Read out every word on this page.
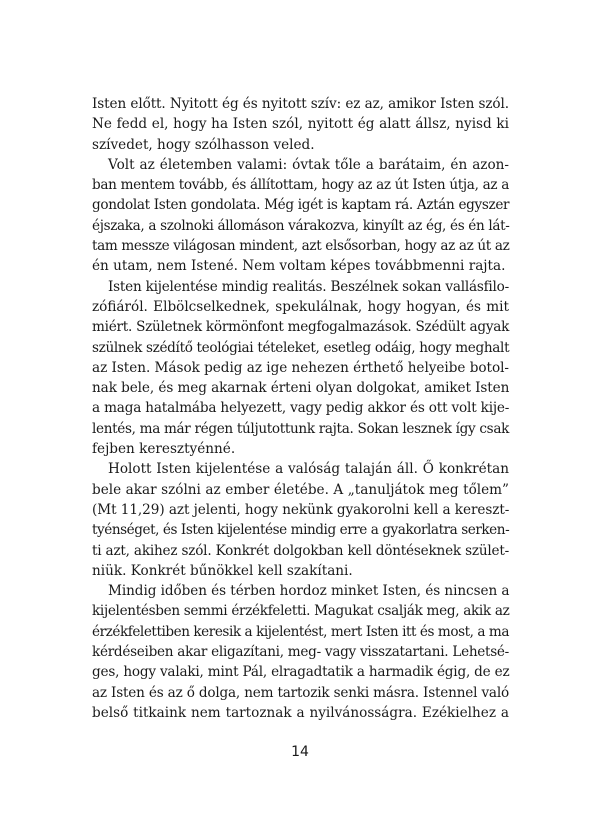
Isten előtt. Nyitott ég és nyitott szív: ez az, amikor Isten szól.
Ne fedd el, hogy ha Isten szól, nyitott ég alatt állsz, nyisd ki
szívedet, hogy szólhasson veled.
Volt az életemben valami: óvtak tőle a barátaim, én azon-
ban mentem tovább, és állítottam, hogy az az út Isten útja, az a
gondolat Isten gondolata. Még igét is kaptam rá. Aztán egyszer
éjszaka, a szolnoki állomáson várakozva, kinyílt az ég, és én lát-
tam messze világosan mindent, azt elsősorban, hogy az az út az
én utam, nem Istené. Nem voltam képes továbbmenni rajta.
Isten kijelentése mindig realitás. Beszélnek sokan vallásfilo-
zófiáról. Elbölcselkednek, spekulálnak, hogy hogyan, és mit
miért. Születnek körmönfont megfogalmazások. Szédült agyak
szülnek szédítő teológiai tételeket, esetleg odáig, hogy meghalt
az Isten. Mások pedig az ige nehezen érthető helyeibe botol-
nak bele, és meg akarnak érteni olyan dolgokat, amiket Isten
a maga hatalmába helyezett, vagy pedig akkor és ott volt kije-
lentés, ma már régen túljutottunk rajta. Sokan lesznek így csak
fejben keresztyénné.
Holott Isten kijelentése a valóság talaján áll. Ő konkrétan
bele akar szólni az ember életébe. A „tanuljátok meg tőlem”
(Mt 11,29) azt jelenti, hogy nekünk gyakorolni kell a kereszt-
tyénséget, és Isten kijelentése mindig erre a gyakorlatra serken-
ti azt, akihez szól. Konkrét dolgokban kell döntéseknek szület-
niük. Konkrét bűnökkel kell szakítani.
Mindig időben és térben hordoz minket Isten, és nincsen a
kijelentésben semmi érzékfeletti. Magukat csalják meg, akik az
érzékfelettiben keresik a kijelentést, mert Isten itt és most, a ma
kérdéseiben akar eligazítani, meg- vagy visszatartani. Lehetsé-
ges, hogy valaki, mint Pál, elragadtatik a harmadik égig, de ez
az Isten és az ő dolga, nem tartozik senki másra. Istennel való
belső titkaink nem tartoznak a nyilvánosságra. Ezékielhez a
14
